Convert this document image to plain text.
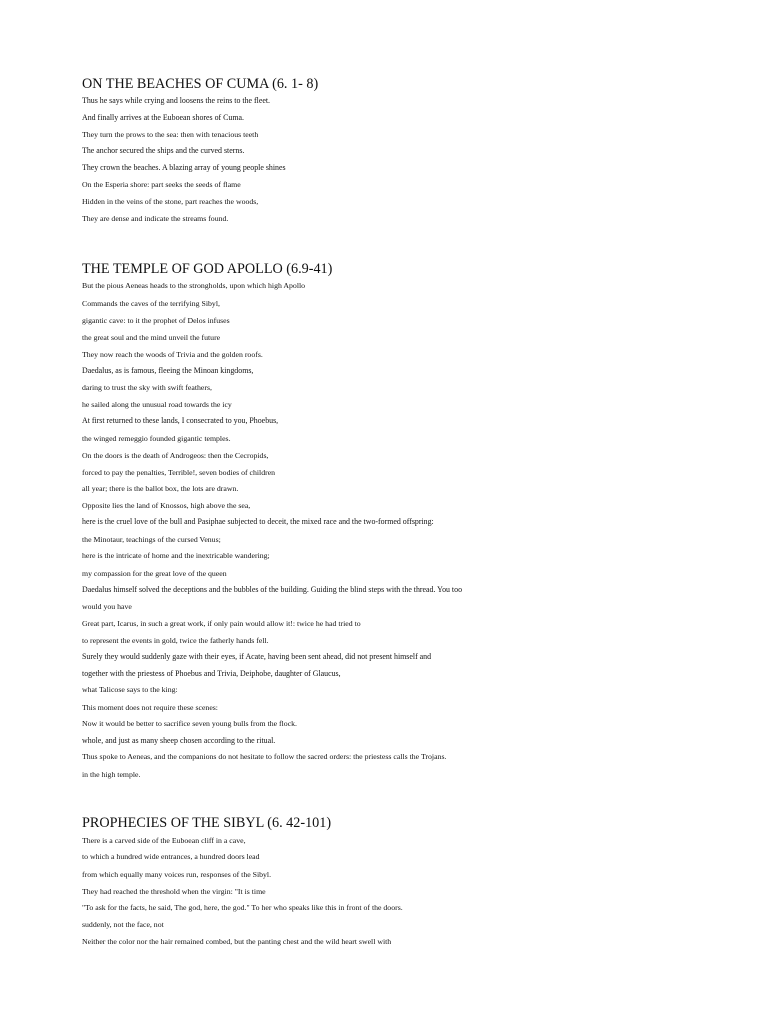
ON THE BEACHES OF CUMA (6. 1- 8)

Thus he says while crying and loosens the reins to the fleet.

And finally arrives at the Euboean shores of Cuma.

They turn the prows to the sea: then with tenacious teeth

The anchor secured the ships and the curved sterns.

They crown the beaches. A blazing array of young people shines

On the Esperia shore: part seeks the seeds of flame

Hidden in the veins of the stone, part reaches the woods,

They are dense and indicate the streams found.

THE TEMPLE OF GOD APOLLO (6.9-41)

But the pious Aeneas heads to the strongholds, upon which high Apollo

Commands the caves of the terrifying Sibyl,

gigantic cave: to it the prophet of Delos infuses

the great soul and the mind unveil the future

They now reach the woods of Trivia and the golden roofs.

Daedalus, as is famous, fleeing the Minoan kingdoms,

daring to trust the sky with swift feathers,

he sailed along the unusual road towards the icy

At first returned to these lands, I consecrated to you, Phoebus,

the winged remeggio founded gigantic temples.

On the doors is the death of Androgeos: then the Cecropids,

forced to pay the penalties, Terrible!, seven bodies of children

all year; there is the ballot box, the lots are drawn.

Opposite lies the land of Knossos, high above the sea,

here is the cruel love of the bull and Pasiphae subjected to deceit, the mixed race and the two-formed offspring:

the Minotaur, teachings of the cursed Venus;

here is the intricate of home and the inextricable wandering;

my compassion for the great love of the queen

Daedalus himself solved the deceptions and the bubbles of the building. Guiding the blind steps with the thread. You too

would you have

Great part, Icarus, in such a great work, if only pain would allow it!: twice he had tried to

to represent the events in gold, twice the fatherly hands fell.

Surely they would suddenly gaze with their eyes, if Acate, having been sent ahead, did not present himself and

together with the priestess of Phoebus and Trivia, Deiphobe, daughter of Glaucus,

what Talicose says to the king:

This moment does not require these scenes:

Now it would be better to sacrifice seven young bulls from the flock.

whole, and just as many sheep chosen according to the ritual.

Thus spoke to Aeneas, and the companions do not hesitate to follow the sacred orders: the priestess calls the Trojans.

in the high temple.

PROPHECIES OF THE SIBYL (6. 42-101)

There is a carved side of the Euboean cliff in a cave,

to which a hundred wide entrances, a hundred doors lead

from which equally many voices run, responses of the Sibyl.

They had reached the threshold when the virgin: "It is time

"To ask for the facts, he said, The god, here, the god." To her who speaks like this in front of the doors.

suddenly, not the face, not

Neither the color nor the hair remained combed, but the panting chest and the wild heart swell with
